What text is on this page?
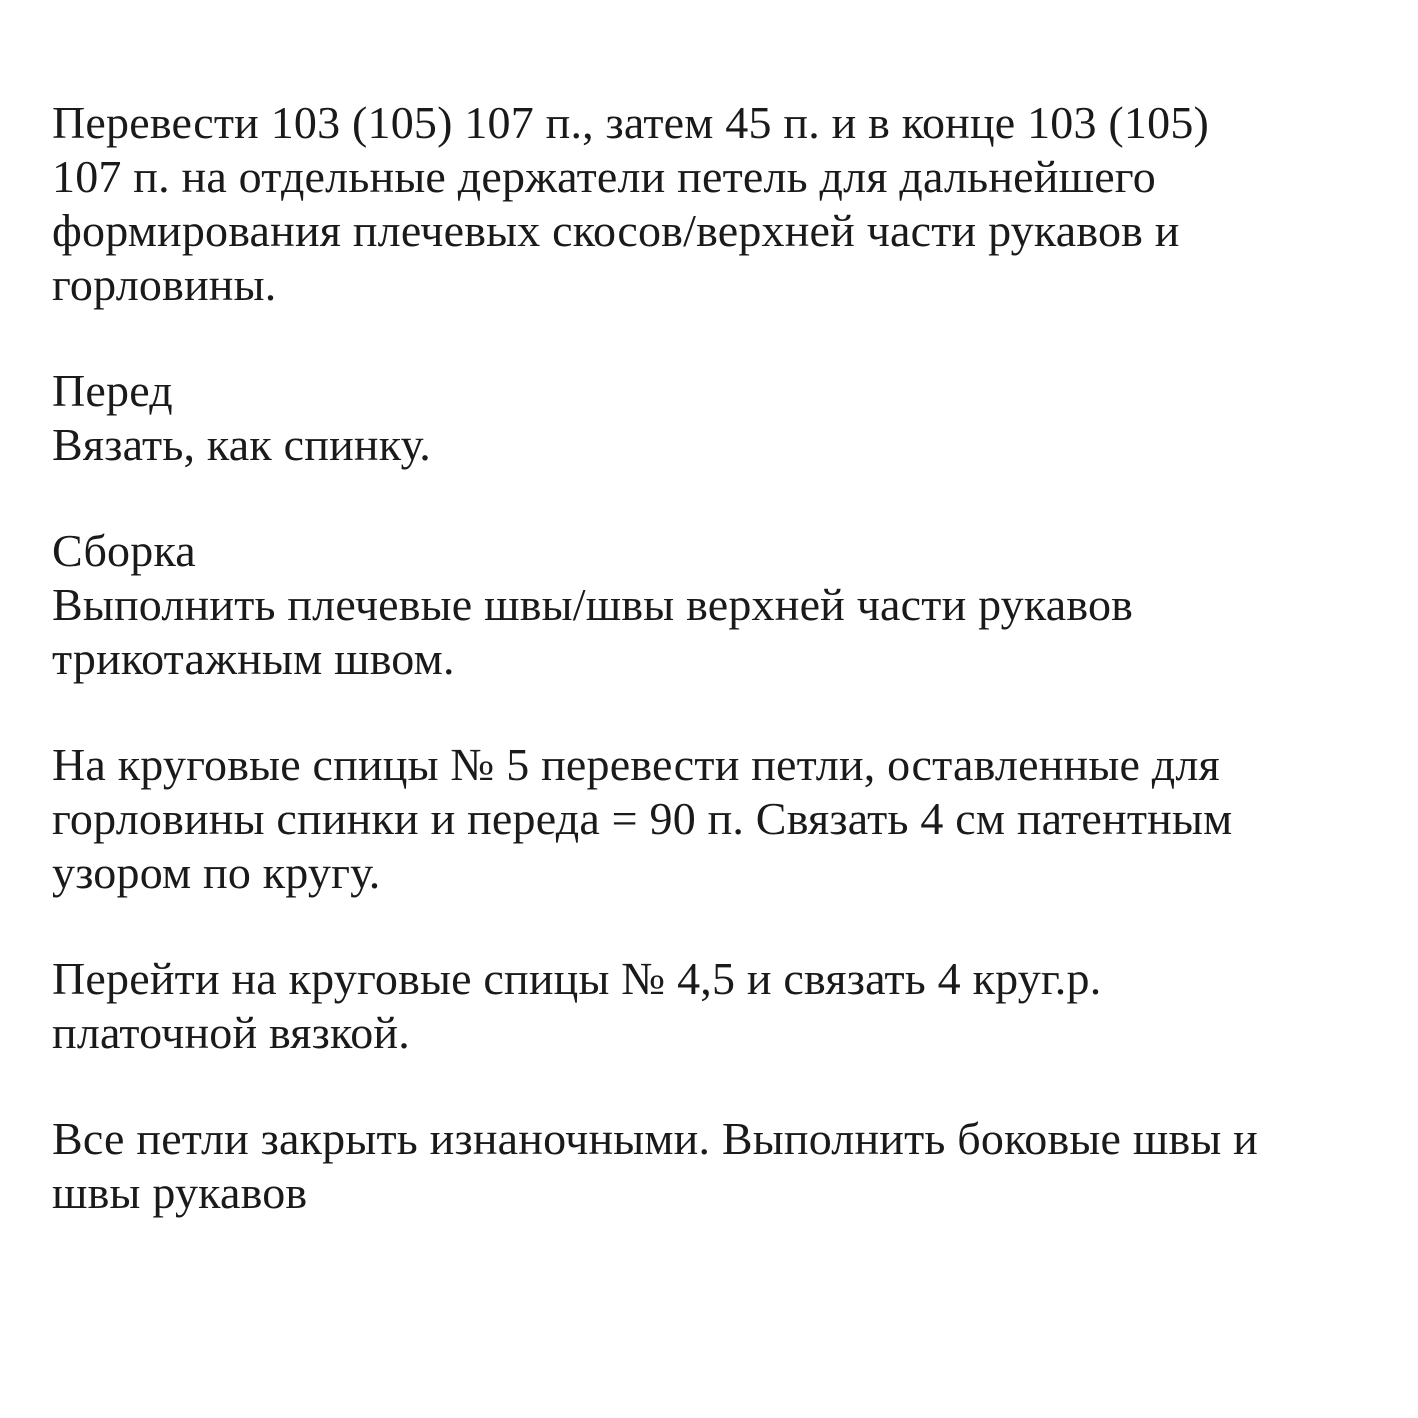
Перевести 103 (105) 107 п., затем 45 п. и в конце 103 (105)
107 п. на отдельные держатели петель для дальнейшего
формирования плечевых скосов/верхней части рукавов и
горловины.
Перед
Вязать, как спинку.
Сборка
Выполнить плечевые швы/швы верхней части рукавов
трикотажным швом.
На круговые спицы № 5 перевести петли, оставленные для
горловины спинки и переда = 90 п. Связать 4 см патентным
узором по кругу.
Перейти на круговые спицы № 4,5 и связать 4 круг.р.
платочной вязкой.
Все петли закрыть изнаночными. Выполнить боковые швы и
швы рукавов
